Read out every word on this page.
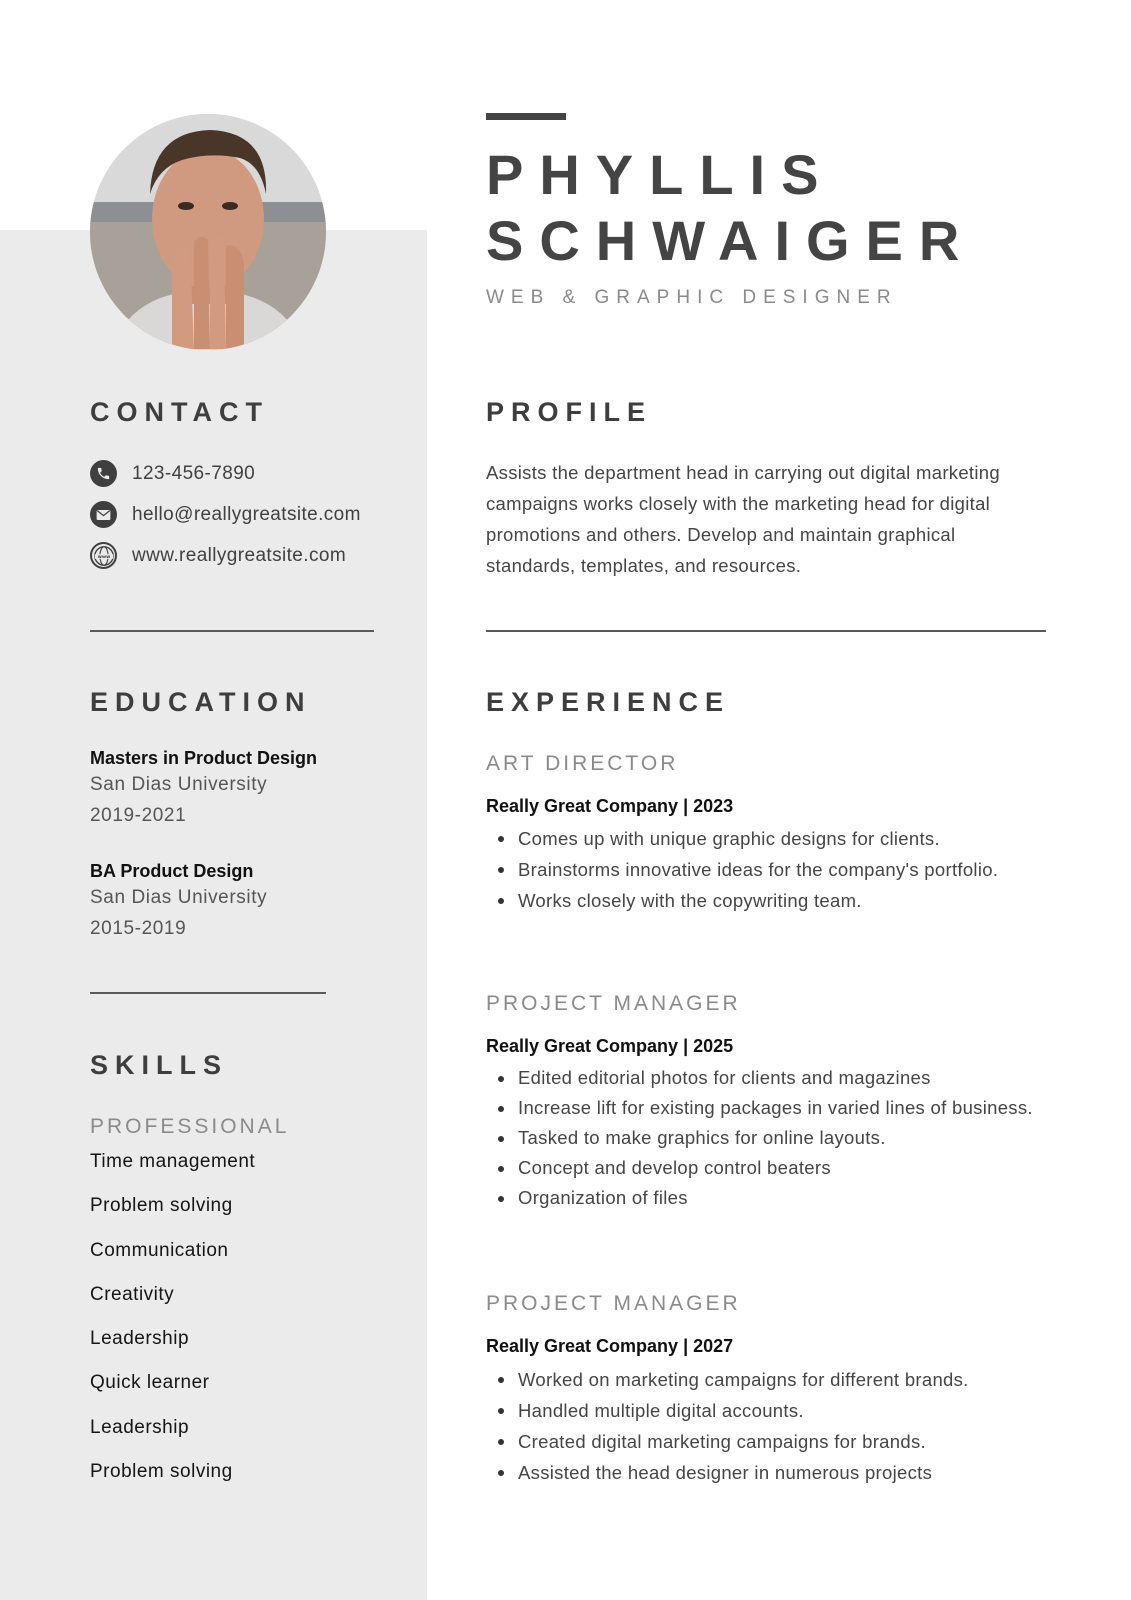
PHYLLIS
SCHWAIGER
WEB & GRAPHIC DESIGNER
CONTACT
123-456-7890
hello@reallygreatsite.com
www www.reallygreatsite.com
EDUCATION
Masters in Product Design
San Dias University
2019-2021
BA Product Design
San Dias University
2015-2019
SKILLS
PROFESSIONAL
Time management
Problem solving
Communication
Creativity
Leadership
Quick learner
Leadership
Problem solving
PROFILE
Assists the department head in carrying out digital marketing campaigns works closely with the marketing head for digital promotions and others. Develop and maintain graphical standards, templates, and resources.
EXPERIENCE
ART DIRECTOR
Really Great Company | 2023
Comes up with unique graphic designs for clients.
Brainstorms innovative ideas for the company's portfolio.
Works closely with the copywriting team.
PROJECT MANAGER
Really Great Company | 2025
Edited editorial photos for clients and magazines
Increase lift for existing packages in varied lines of business.
Tasked to make graphics for online layouts.
Concept and develop control beaters
Organization of files
PROJECT MANAGER
Really Great Company | 2027
Worked on marketing campaigns for different brands.
Handled multiple digital accounts.
Created digital marketing campaigns for brands.
Assisted the head designer in numerous projects
